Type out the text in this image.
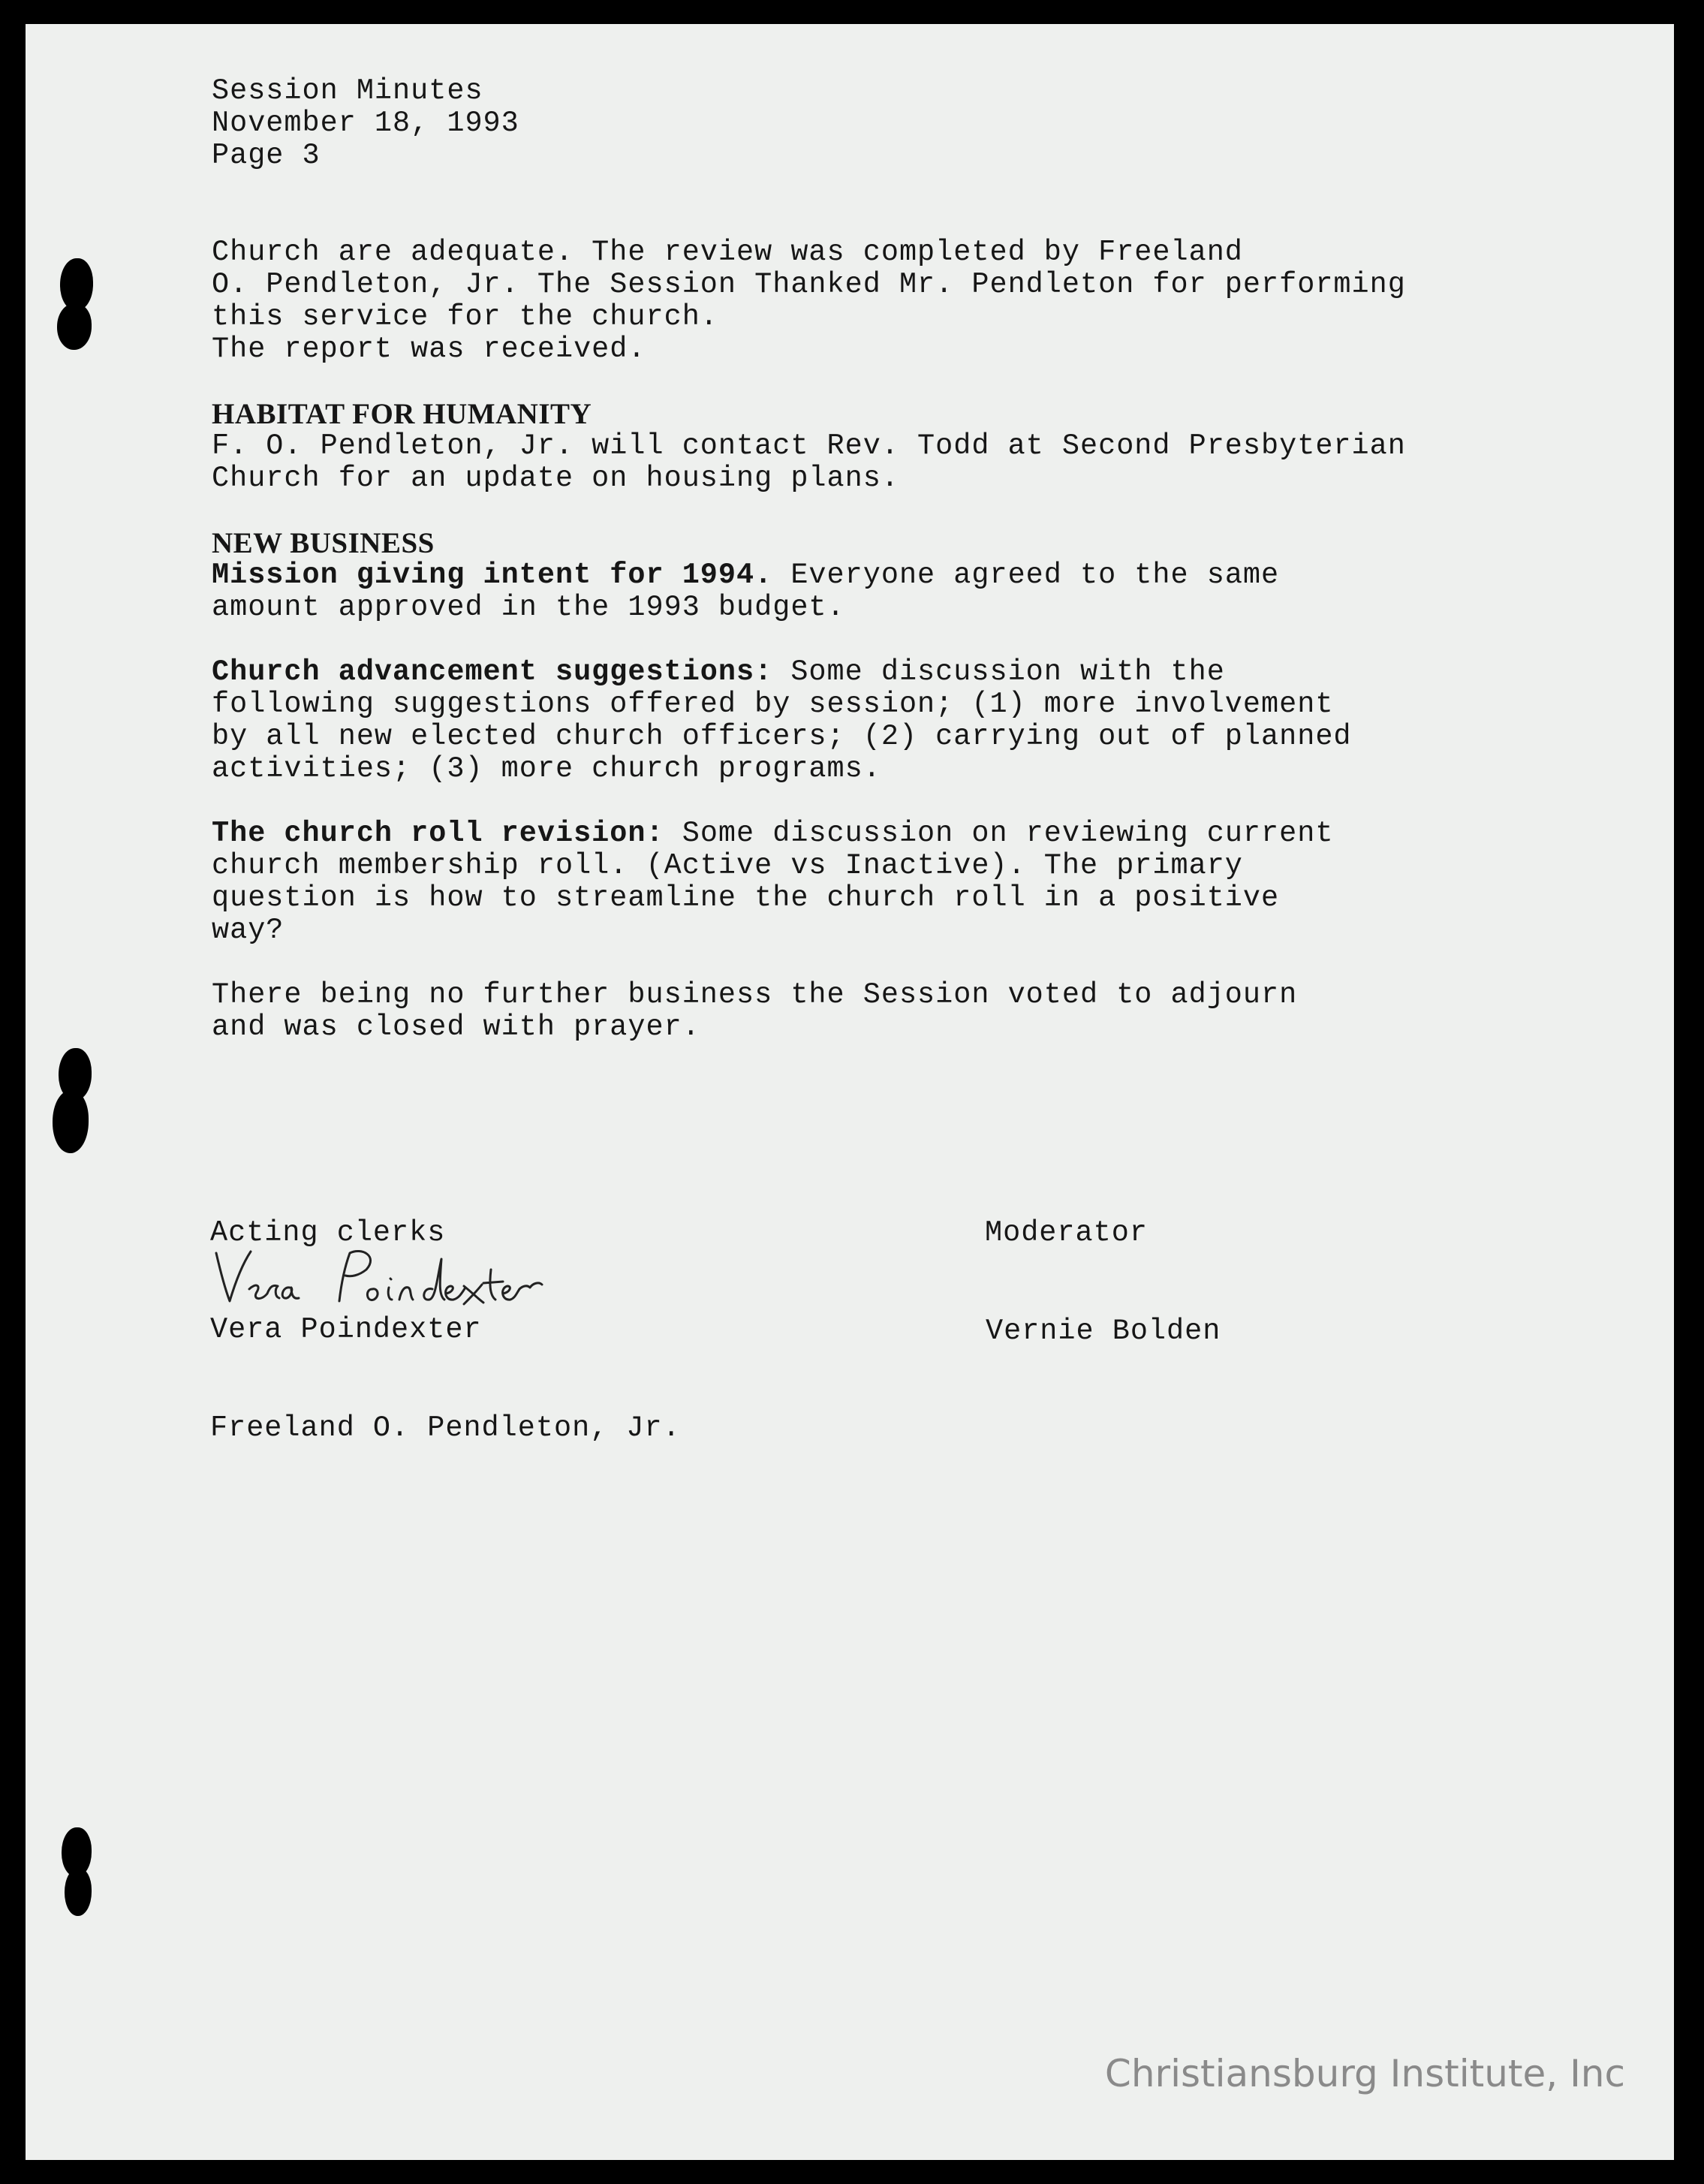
Session Minutes
November 18, 1993
Page 3
Church are adequate. The review was completed by Freeland
O. Pendleton, Jr. The Session Thanked Mr. Pendleton for performing
this service for the church.
The report was received.
HABITAT FOR HUMANITY
F. O. Pendleton, Jr. will contact Rev. Todd at Second Presbyterian
Church for an update on housing plans.
NEW BUSINESS
Mission giving intent for 1994. Everyone agreed to the same
amount approved in the 1993 budget.
Church advancement suggestions: Some discussion with the
following suggestions offered by session; (1) more involvement
by all new elected church officers; (2) carrying out of planned
activities; (3) more church programs.
The church roll revision: Some discussion on reviewing current
church membership roll. (Active vs Inactive). The primary
question is how to streamline the church roll in a positive
way?
There being no further business the Session voted to adjourn
and was closed with prayer.
Acting clerks	Moderator
Vera Poindexter
Vera Poindexter	Vernie Bolden
Freeland O. Pendleton, Jr.
Christiansburg Institute, Inc
